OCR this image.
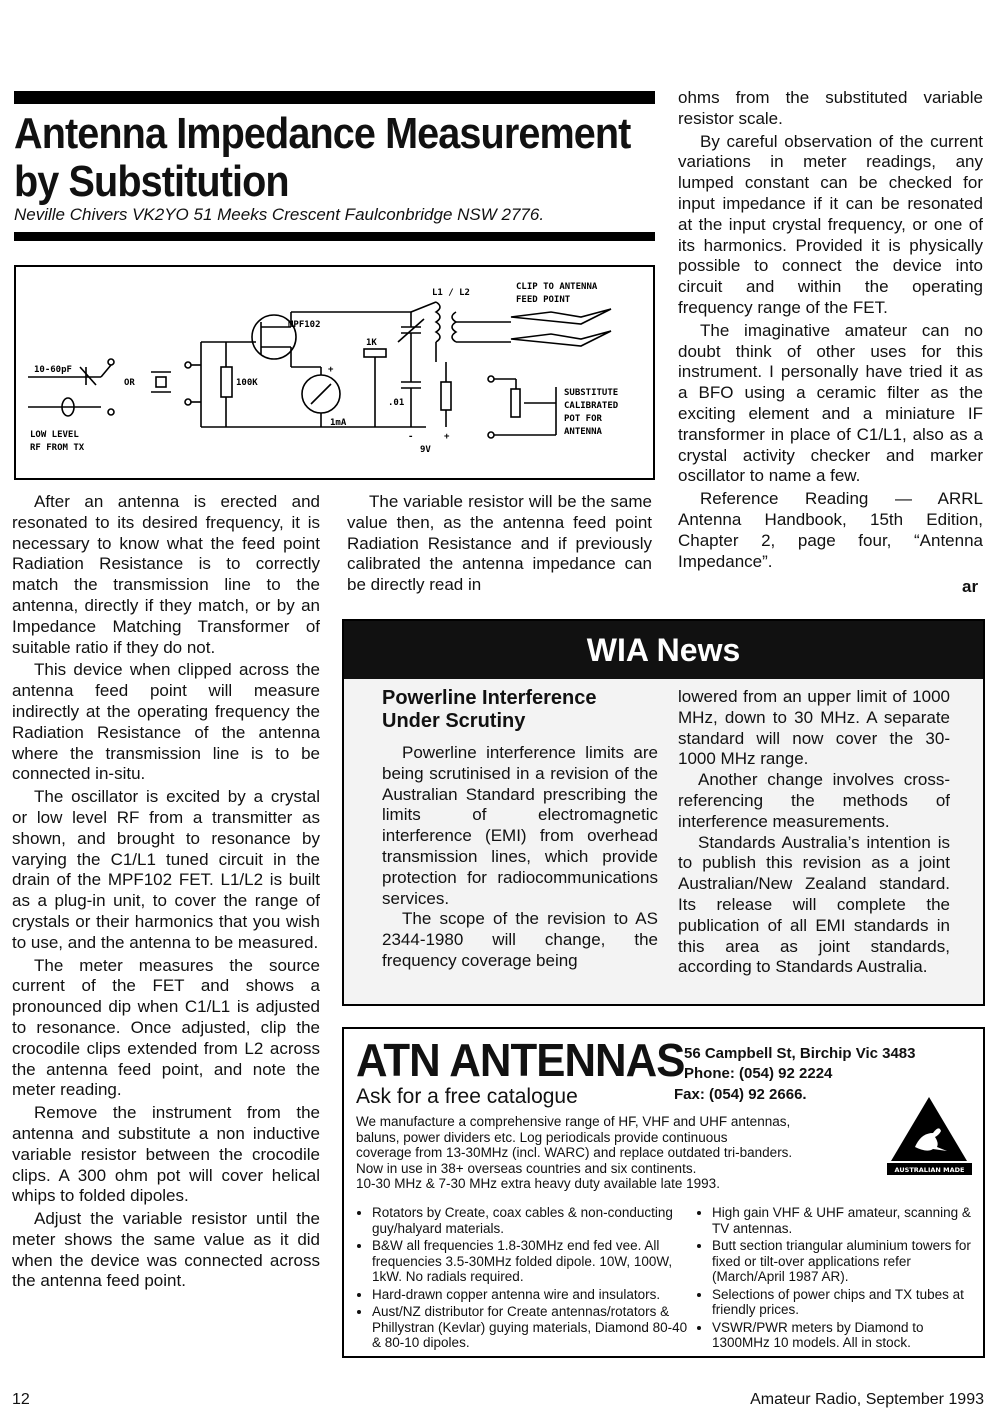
Antenna Impedance Measurement
by Substitution
Neville Chivers VK2YO 51 Meeks Crescent Faulconbridge NSW 2776.
10-60pF
OR
LOW LEVEL
RF FROM TX
100K
MPF102
1K
1mA
+
.01
9V
-	+
L1 / L2
CLIP TO ANTENNA
FEED POINT
SUBSTITUTE
CALIBRATED
POT FOR
ANTENNA

After an antenna is erected and resonated to its desired frequency, it is necessary to know what the feed point Radiation Resistance is to correctly match the transmission line to the antenna, directly if they match, or by an Impedance Matching Transformer of suitable ratio if they do not.

This device when clipped across the antenna feed point will measure indirectly at the operating frequency the Radiation Resistance of the antenna where the transmission line is to be connected in-situ.

The oscillator is excited by a crystal or low level RF from a transmitter as shown, and brought to resonance by varying the C1/L1 tuned circuit in the drain of the MPF102 FET. L1/L2 is built as a plug-in unit, to cover the range of crystals or their harmonics that you wish to use, and the antenna to be measured.

The meter measures the source current of the FET and shows a pronounced dip when C1/L1 is adjusted to resonance. Once adjusted, clip the crocodile clips extended from L2 across the antenna feed point, and note the meter reading.

Remove the instrument from the antenna and substitute a non inductive variable resistor between the crocodile clips. A 300 ohm pot will cover helical whips to folded dipoles.

Adjust the variable resistor until the meter shows the same value as it did when the device was connected across the antenna feed point.

The variable resistor will be the same value then, as the antenna feed point Radiation Resistance and if previously calibrated the antenna impedance can be directly read in

ohms from the substituted variable resistor scale.

By careful observation of the current variations in meter readings, any lumped constant can be checked for input impedance if it can be resonated at the input crystal frequency, or one of its harmonics. Provided it is physically possible to connect the device into circuit and within the operating frequency range of the FET.

The imaginative amateur can no doubt think of other uses for this instrument. I personally have tried it as a BFO using a ceramic filter as the exciting element and a miniature IF transformer in place of C1/L1, also as a crystal activity checker and marker oscillator to name a few.

Reference Reading — ARRL Antenna Handbook, 15th Edition, Chapter 2, page four, “Antenna Impedance”.

ar
WIA News
Powerline Interference
Under Scrutiny

Powerline interference limits are being scrutinised in a revision of the Australian Standard prescribing the limits of electromagnetic interference (EMI) from overhead transmission lines, which provide protection for radiocommunications services.

The scope of the revision to AS 2344-1980 will change, the frequency coverage being

lowered from an upper limit of 1000 MHz, down to 30 MHz. A separate standard will now cover the 30-1000 MHz range.

Another change involves cross-referencing the methods of interference measurements.

Standards Australia’s intention is to publish this revision as a joint Australian/New Zealand standard. Its release will complete the publication of all EMI standards in this area as joint standards, according to Standards Australia.

ATN ANTENNAS 56 Campbell St, Birchip Vic 3483
Phone: (054) 92 2224
Fax: (054) 92 2666.
Ask for a free catalogue
We manufacture a comprehensive range of HF, VHF and UHF antennas,
baluns, power dividers etc. Log periodicals provide continuous
coverage from 13-30MHz (incl. WARC) and replace outdated tri-banders.
Now in use in 38+ overseas countries and six continents.
10-30 MHz & 7-30 MHz extra heavy duty available late 1993.
AUSTRALIAN MADE
• Rotators by Create, coax cables & non-conducting guy/halyard materials.
• B&W all frequencies 1.8-30MHz end fed vee. All frequencies 3.5-30MHz folded dipole. 10W, 100W, 1kW. No radials required.
• Hard-drawn copper antenna wire and insulators.
• Aust/NZ distributor for Create antennas/rotators & Phillystran (Kevlar) guying materials, Diamond 80-40 & 80-10 dipoles.
• High gain VHF & UHF amateur, scanning & TV antennas.
• Butt section triangular aluminium towers for fixed or tilt-over applications refer (March/April 1987 AR).
• Selections of power chips and TX tubes at friendly prices.
• VSWR/PWR meters by Diamond to 1300MHz 10 models. All in stock.
12	Amateur Radio, September 1993
